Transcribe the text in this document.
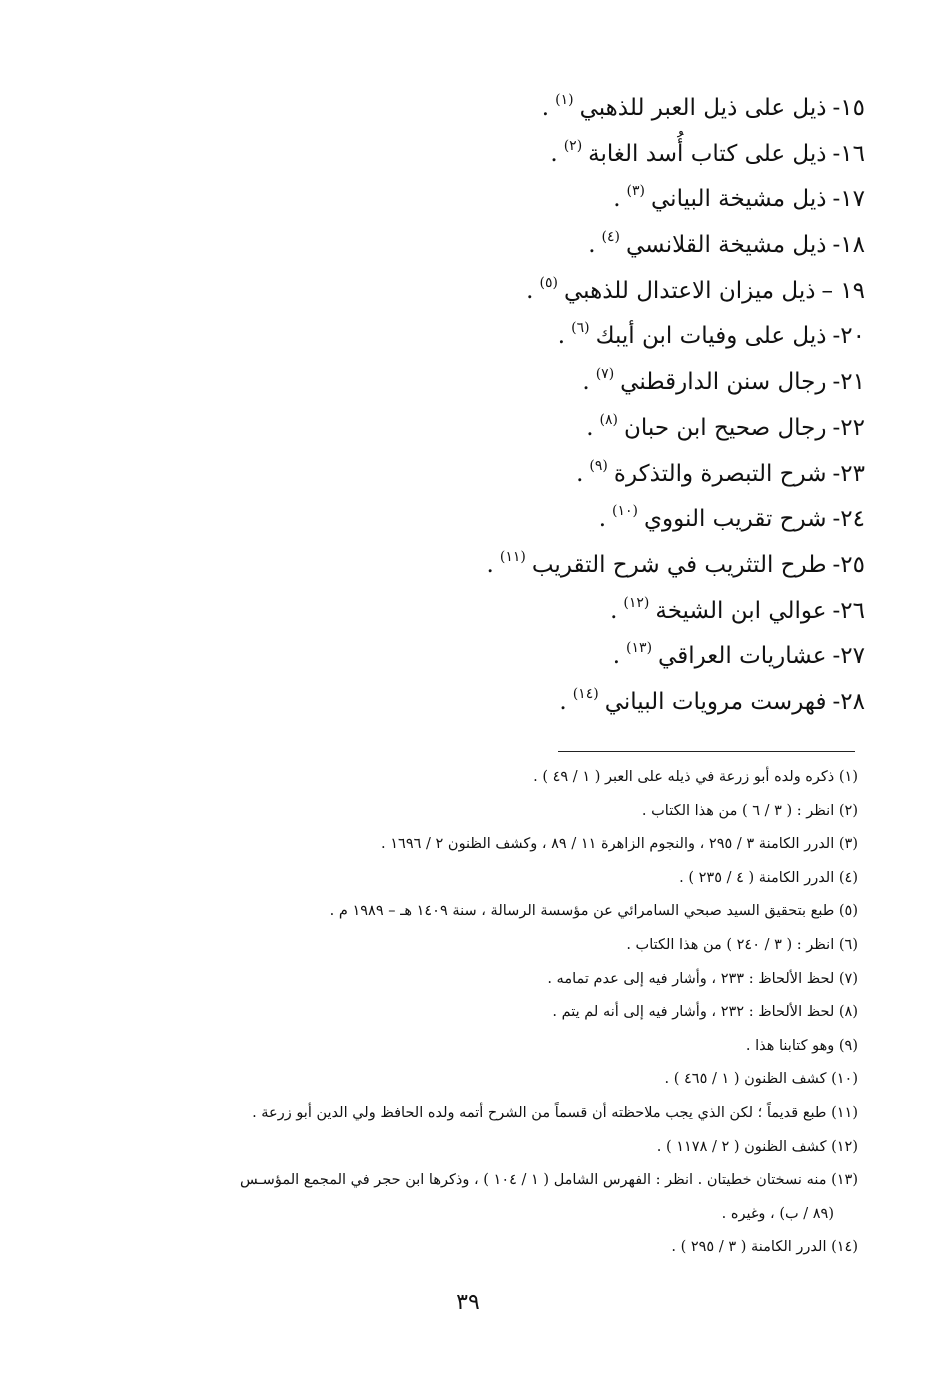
١٥-ذيل على ذيل العبر للذهبي$^{(١)}$.
١٦-ذيل على كتاب أُسد الغابة$^{(٢)}$.
١٧-ذيل مشيخة البياني$^{(٣)}$.
١٨-ذيل مشيخة القلانسي$^{(٤)}$.
١٩ –ذيل ميزان الاعتدال للذهبي$^{(٥)}$.
٢٠-ذيل على وفيات ابن أيبك$^{(٦)}$.
٢١-رجال سنن الدارقطني$^{(٧)}$.
٢٢-رجال صحيح ابن حبان$^{(٨)}$.
٢٣-شرح التبصرة والتذكرة$^{(٩)}$.
٢٤-شرح تقريب النووي$^{(١٠)}$.
٢٥-طرح التثريب في شرح التقريب$^{(١١)}$.
٢٦-عوالي ابن الشيخة$^{(١٢)}$.
٢٧-عشاريات العراقي$^{(١٣)}$.
٢٨-فهرست مرويات البياني$^{(١٤)}$.
(١) ذكره ولده أبو زرعة في ذيله على العبر ( ١ / ٤٩ ) .
(٢) انظر : ( ٣ / ٦ ) من هذا الكتاب .
(٣) الدرر الكامنة ٣ / ٢٩٥ ، والنجوم الزاهرة ١١ / ٨٩ ، وكشف الظنون ٢ / ١٦٩٦ .
(٤) الدرر الكامنة ( ٤ / ٢٣٥ ) .
(٥) طبع بتحقيق السيد صبحي السامرائي عن مؤسسة الرسالة ، سنة ١٤٠٩ هـ – ١٩٨٩ م .
(٦) انظر : ( ٣ / ٢٤٠ ) من هذا الكتاب .
(٧) لحظ الألحاظ : ٢٣٣ ، وأشار فيه إلى عدم تمامه .
(٨) لحظ الألحاظ : ٢٣٢ ، وأشار فيه إلى أنه لم يتم .
(٩) وهو كتابنا هذا .
(١٠) كشف الظنون ( ١ / ٤٦٥ ) .
(١١) طبع قديماً ؛ لكن الذي يجب ملاحظته أن قسماً من الشرح أتمه ولده الحافظ ولي الدين أبو زرعة .
(١٢) كشف الظنون ( ٢ / ١١٧٨ ) .
(١٣) منه نسختان خطيتان . انظر : الفهرس الشامل ( ١ / ١٠٤ ) ، وذكرها ابن حجر في المجمع المؤسـس
(٨٩ / ب) ، وغيره .
(١٤) الدرر الكامنة ( ٣ / ٢٩٥ ) .
٣٩
